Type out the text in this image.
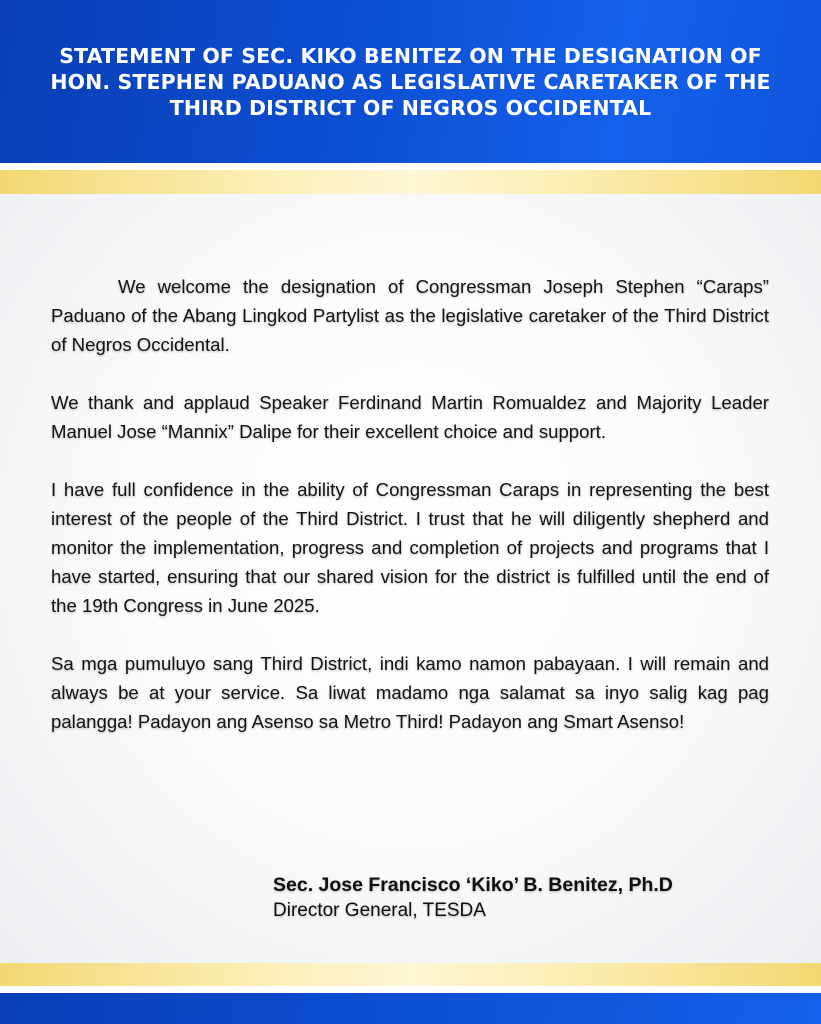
STATEMENT OF SEC. KIKO BENITEZ ON THE DESIGNATION OF HON. STEPHEN PADUANO AS LEGISLATIVE CARETAKER OF THE THIRD DISTRICT OF NEGROS OCCIDENTAL

We welcome the designation of Congressman Joseph Stephen “Caraps” Paduano of the Abang Lingkod Partylist as the legislative caretaker of the Third District of Negros Occidental.

We thank and applaud Speaker Ferdinand Martin Romualdez and Majority Leader Manuel Jose “Mannix” Dalipe for their excellent choice and support.

I have full confidence in the ability of Congressman Caraps in representing the best interest of the people of the Third District. I trust that he will diligently shepherd and monitor the implementation, progress and completion of projects and programs that I have started, ensuring that our shared vision for the district is fulfilled until the end of the 19th Congress in June 2025.

Sa mga pumuluyo sang Third District, indi kamo namon pabayaan. I will remain and always be at your service. Sa liwat madamo nga salamat sa inyo salig kag pag palangga! Padayon ang Asenso sa Metro Third! Padayon ang Smart Asenso!

Sec. Jose Francisco ‘Kiko’ B. Benitez, Ph.D
Director General, TESDA
